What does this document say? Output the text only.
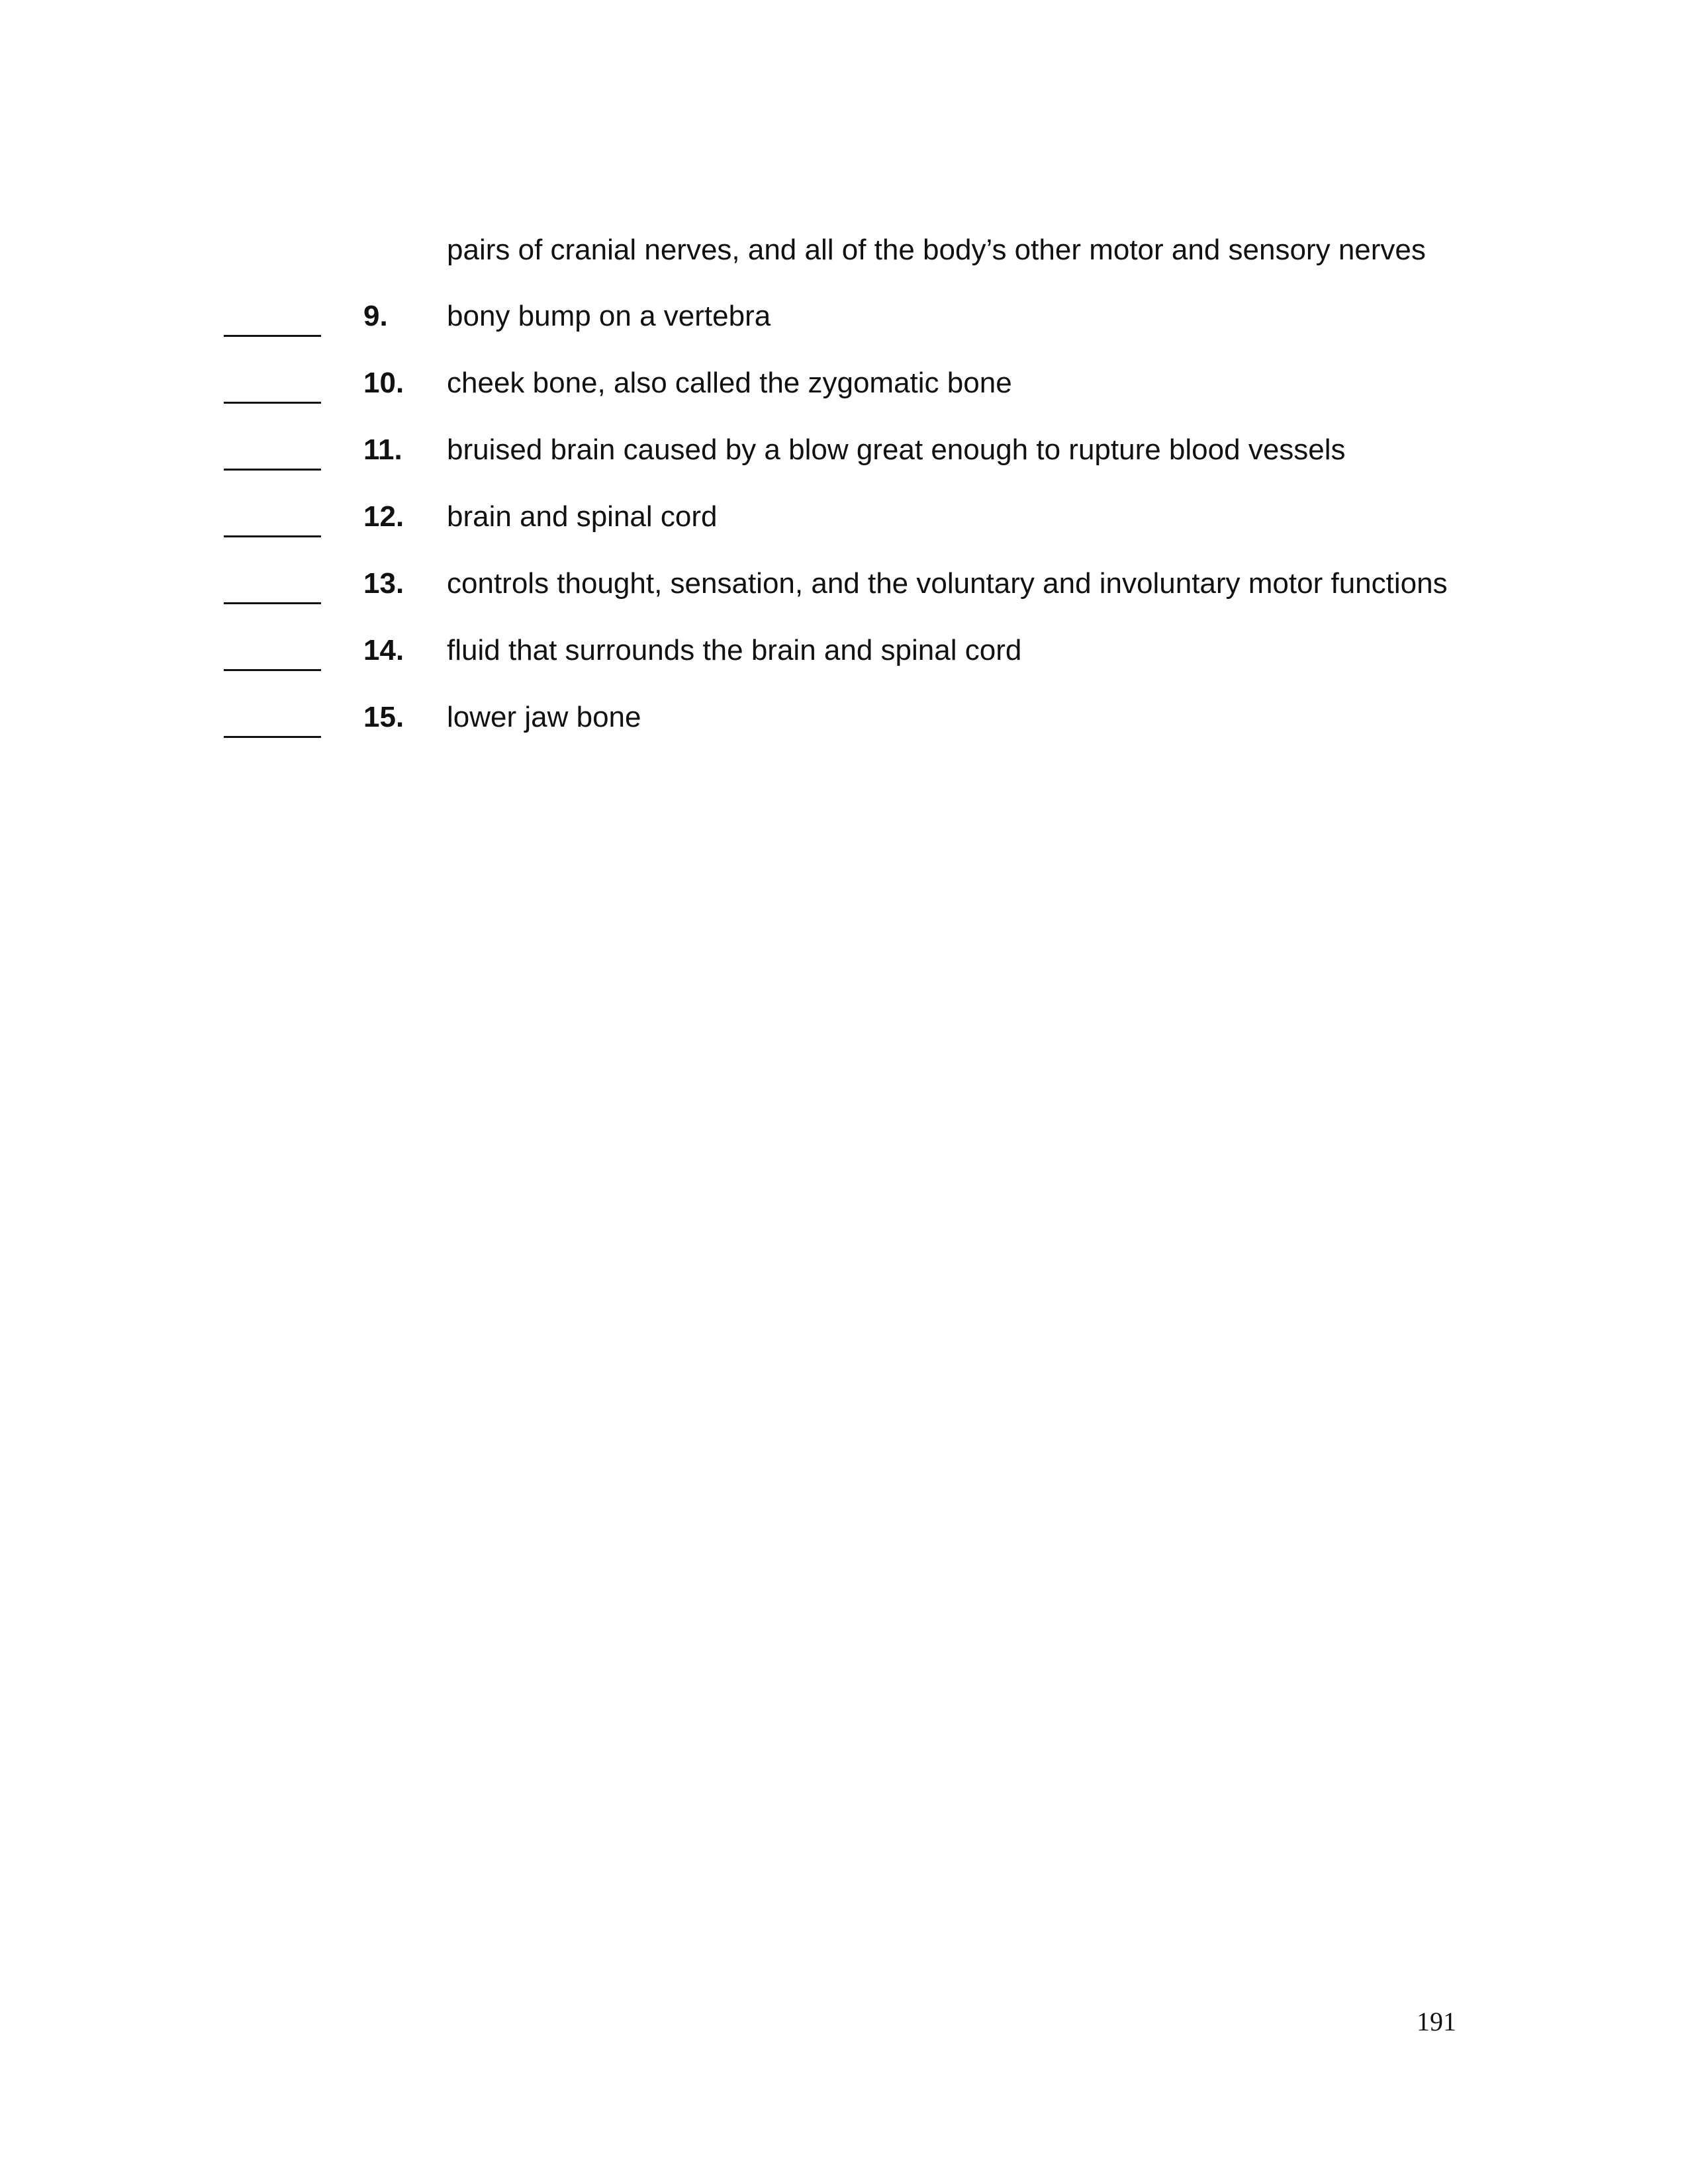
pairs of cranial nerves, and all of the body’s other motor and sensory nerves
9. bony bump on a vertebra
10. cheek bone, also called the zygomatic bone
11. bruised brain caused by a blow great enough to rupture blood vessels
12. brain and spinal cord
13. controls thought, sensation, and the voluntary and involuntary motor functions
14. fluid that surrounds the brain and spinal cord
15. lower jaw bone
191
